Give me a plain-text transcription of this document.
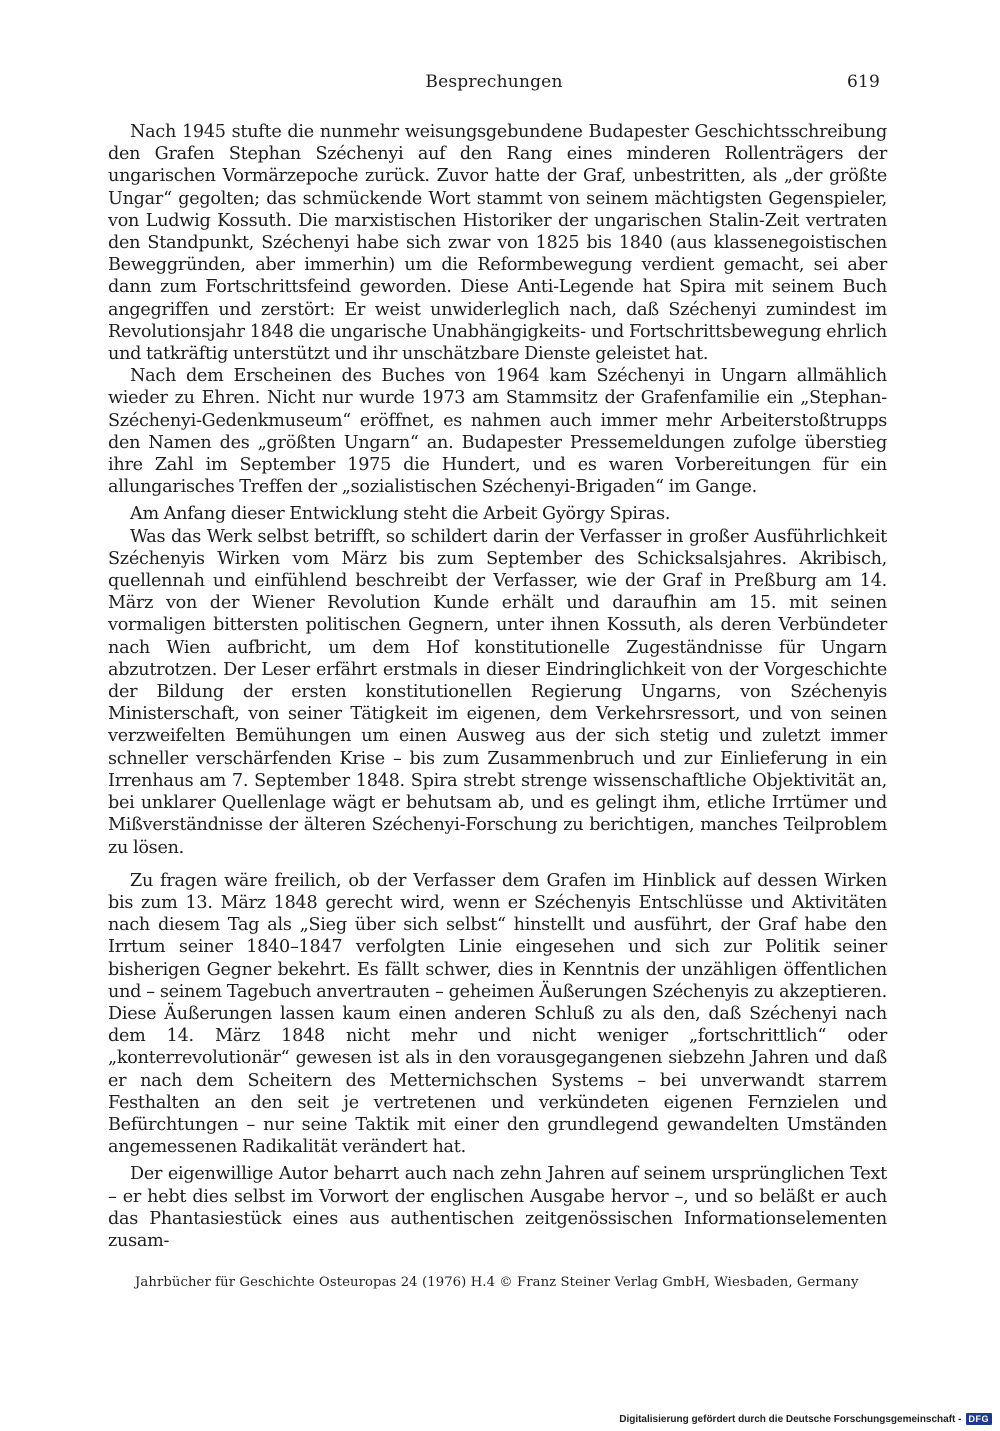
Besprechungen	619

Nach 1945 stufte die nunmehr weisungsgebundene Budapester Geschichtsschreibung den Grafen Stephan Széchenyi auf den Rang eines minderen Rollenträgers der ungarischen Vormärzepoche zurück. Zuvor hatte der Graf, unbestritten, als „der größte Ungar“ gegolten; das schmückende Wort stammt von seinem mächtigsten Gegenspieler, von Ludwig Kossuth. Die marxistischen Historiker der ungarischen Stalin-Zeit vertraten den Standpunkt, Széchenyi habe sich zwar von 1825 bis 1840 (aus klassenegoistischen Beweggründen, aber immerhin) um die Reformbewegung verdient gemacht, sei aber dann zum Fortschrittsfeind geworden. Diese Anti-Legende hat Spira mit seinem Buch angegriffen und zerstört: Er weist unwiderleglich nach, daß Széchenyi zumindest im Revolutionsjahr 1848 die ungarische Unabhängigkeits- und Fortschrittsbewegung ehrlich und tatkräftig unterstützt und ihr unschätzbare Dienste geleistet hat.

Nach dem Erscheinen des Buches von 1964 kam Széchenyi in Ungarn allmählich wieder zu Ehren. Nicht nur wurde 1973 am Stammsitz der Grafenfamilie ein „Stephan-Széchenyi-Gedenkmuseum“ eröffnet, es nahmen auch immer mehr Arbeiterstoßtrupps den Namen des „größten Ungarn“ an. Budapester Pressemeldungen zufolge überstieg ihre Zahl im September 1975 die Hundert, und es waren Vorbereitungen für ein allungarisches Treffen der „sozialistischen Széchenyi-Brigaden“ im Gange.

Am Anfang dieser Entwicklung steht die Arbeit György Spiras.

Was das Werk selbst betrifft, so schildert darin der Verfasser in großer Ausführlichkeit Széchenyis Wirken vom März bis zum September des Schicksalsjahres. Akribisch, quellennah und einfühlend beschreibt der Verfasser, wie der Graf in Preßburg am 14. März von der Wiener Revolution Kunde erhält und daraufhin am 15. mit seinen vormaligen bittersten politischen Gegnern, unter ihnen Kossuth, als deren Verbündeter nach Wien aufbricht, um dem Hof konstitutionelle Zugeständnisse für Ungarn abzutrotzen. Der Leser erfährt erstmals in dieser Eindringlichkeit von der Vorgeschichte der Bildung der ersten konstitutionellen Regierung Ungarns, von Széchenyis Ministerschaft, von seiner Tätigkeit im eigenen, dem Verkehrsressort, und von seinen verzweifelten Bemühungen um einen Ausweg aus der sich stetig und zuletzt immer schneller verschärfenden Krise – bis zum Zusammenbruch und zur Einlieferung in ein Irrenhaus am 7. September 1848. Spira strebt strenge wissenschaftliche Objektivität an, bei unklarer Quellenlage wägt er behutsam ab, und es gelingt ihm, etliche Irrtümer und Mißverständnisse der älteren Széchenyi-Forschung zu berichtigen, manches Teilproblem zu lösen.

Zu fragen wäre freilich, ob der Verfasser dem Grafen im Hinblick auf dessen Wirken bis zum 13. März 1848 gerecht wird, wenn er Széchenyis Entschlüsse und Aktivitäten nach diesem Tag als „Sieg über sich selbst“ hinstellt und ausführt, der Graf habe den Irrtum seiner 1840–1847 verfolgten Linie eingesehen und sich zur Politik seiner bisherigen Gegner bekehrt. Es fällt schwer, dies in Kenntnis der unzähligen öffentlichen und – seinem Tagebuch anvertrauten – geheimen Äußerungen Széchenyis zu akzeptieren. Diese Äußerungen lassen kaum einen anderen Schluß zu als den, daß Széchenyi nach dem 14. März 1848 nicht mehr und nicht weniger „fortschrittlich“ oder „konterrevolutionär“ gewesen ist als in den vorausgegangenen siebzehn Jahren und daß er nach dem Scheitern des Metternichschen Systems – bei unverwandt starrem Festhalten an den seit je vertretenen und verkündeten eigenen Fernzielen und Befürchtungen – nur seine Taktik mit einer den grundlegend gewandelten Umständen angemessenen Radikalität verändert hat.

Der eigenwillige Autor beharrt auch nach zehn Jahren auf seinem ursprünglichen Text – er hebt dies selbst im Vorwort der englischen Ausgabe hervor –, und so beläßt er auch das Phantasiestück eines aus authentischen zeitgenössischen Informationselementen zusam-

Jahrbücher für Geschichte Osteuropas 24 (1976) H.4 © Franz Steiner Verlag GmbH, Wiesbaden, Germany
Digitalisierung gefördert durch die Deutsche Forschungsgemeinschaft - DFG
